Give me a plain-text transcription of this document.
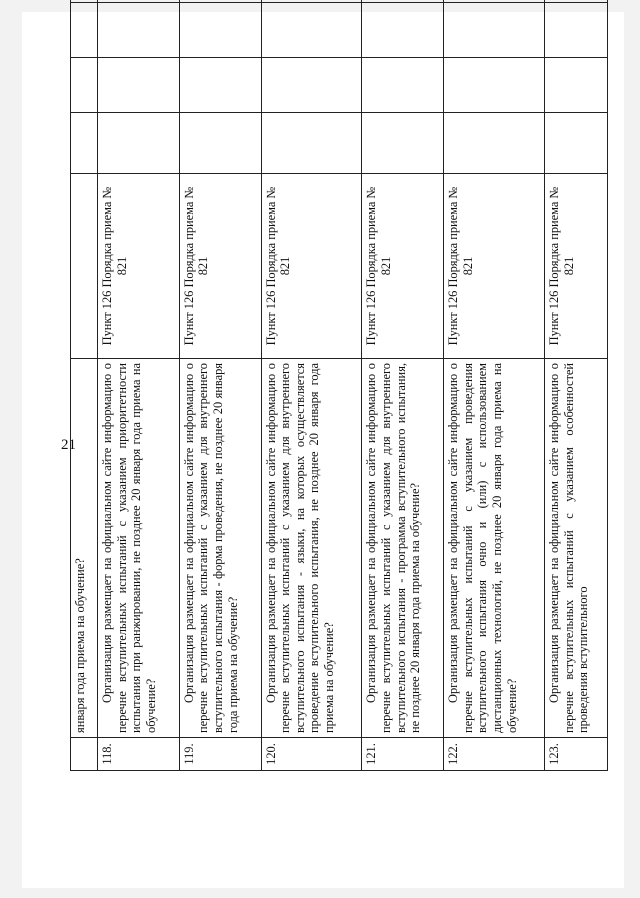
21
	января года приема на обучение?						
118.	Организация размещает на официальном сайте информацию о перечне вступительных испытаний с указанием приоритетности испытания при ранжировании, не позднее 20 января года приема на обучение?	Пункт 126 Порядка приема № 821					
119.	Организация размещает на официальном сайте информацию о перечне вступительных испытаний с указанием для внутреннего вступительного испытания - форма проведения, не позднее 20 января года приема на обучение?	Пункт 126 Порядка приема № 821					
120.	Организация размещает на официальном сайте информацию о перечне вступительных испытаний с указанием для внутреннего вступительного испытания - языки, на которых осуществляется проведение вступительного испытания, не позднее 20 января года приема на обучение?	Пункт 126 Порядка приема № 821					
121.	Организация размещает на официальном сайте информацию о перечне вступительных испытаний с указанием для внутреннего вступительного испытания - программа вступительного испытания, не позднее 20 января года приема на обучение?	Пункт 126 Порядка приема № 821					
122.	Организация размещает на официальном сайте информацию о перечне вступительных испытаний с указанием проведения вступительного испытания очно и (или) с использованием дистанционных технологий, не позднее 20 января года приема на обучение?	Пункт 126 Порядка приема № 821					
123.	Организация размещает на официальном сайте информацию о перечне вступительных испытаний с указанием особенностей проведения вступительного	Пункт 126 Порядка приема № 821					
